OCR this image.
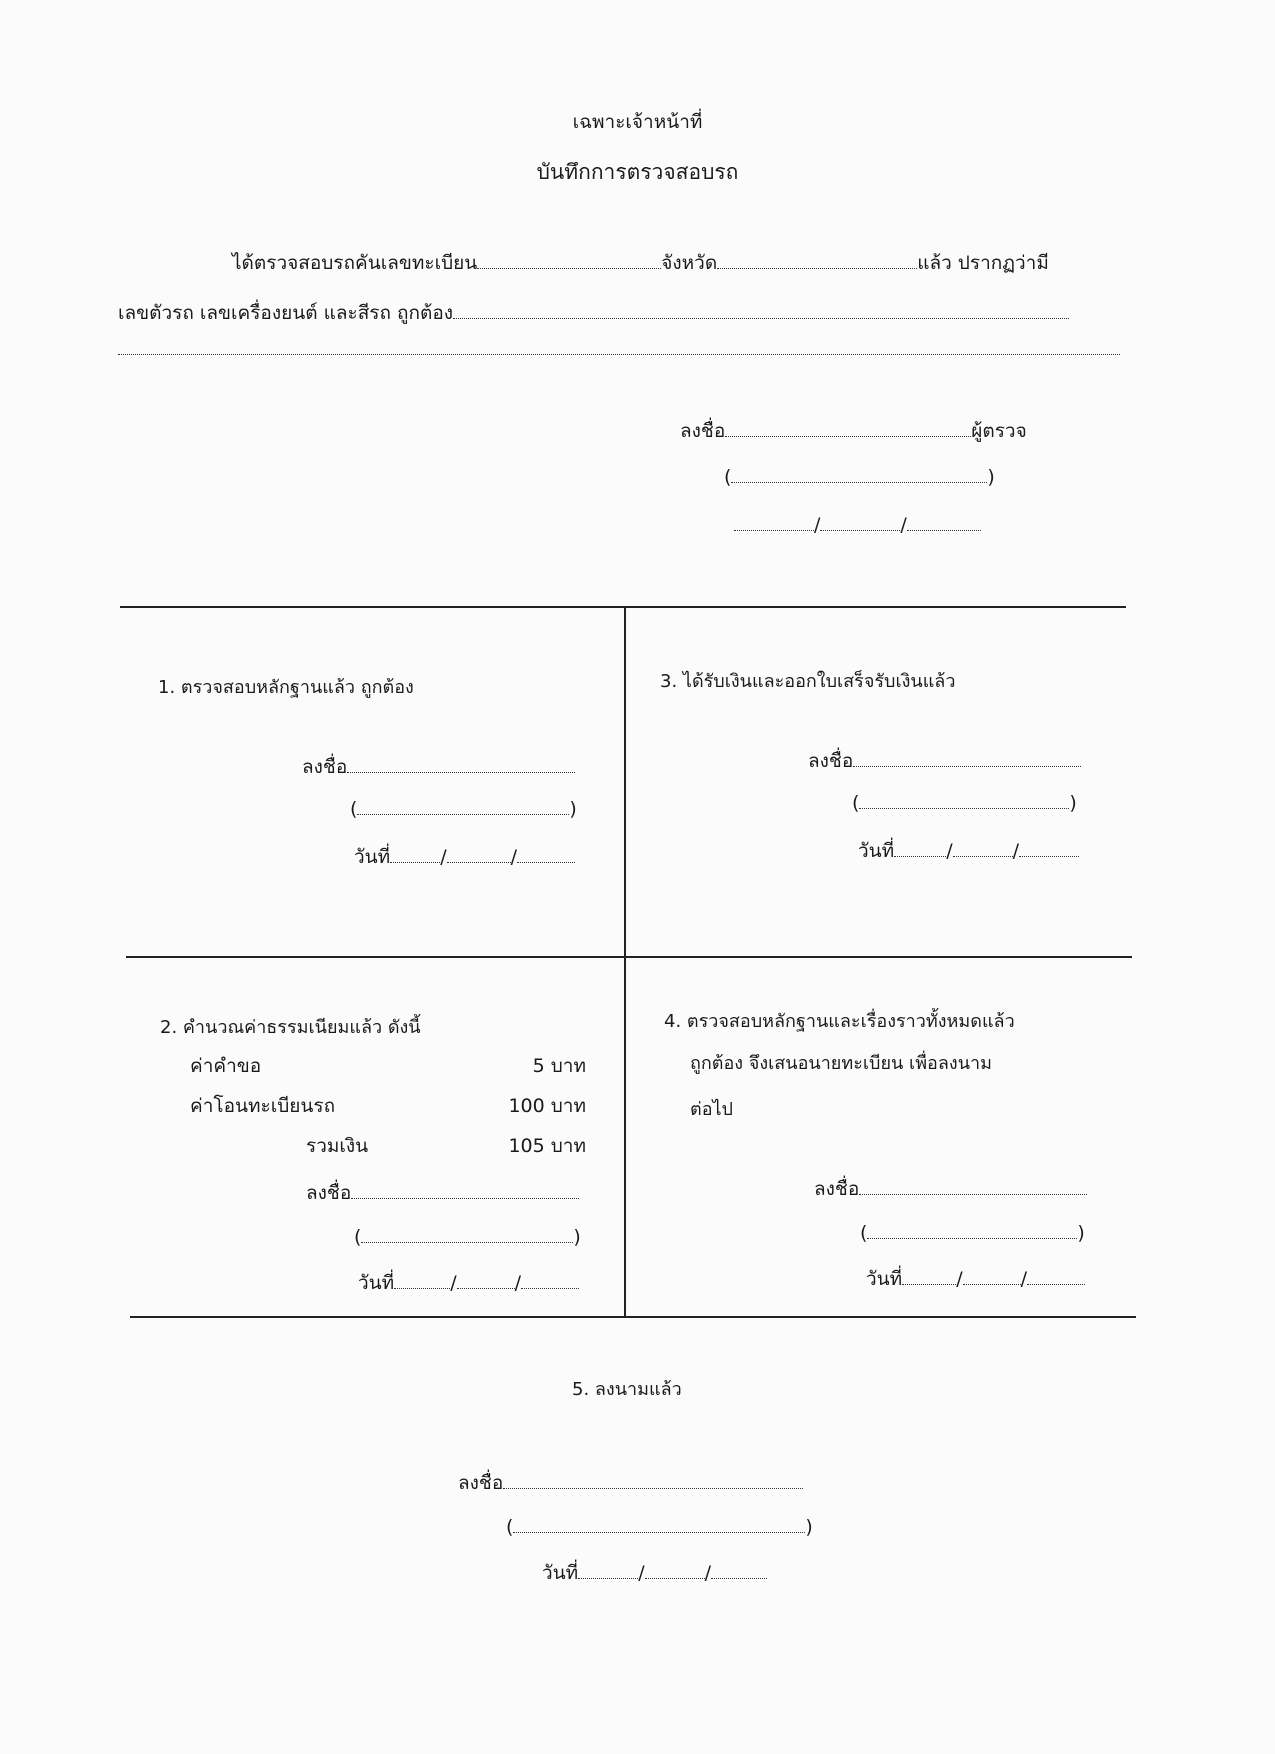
เฉพาะเจ้าหน้าที่
บันทึกการตรวจสอบรถ
ได้ตรวจสอบรถคันเลขทะเบียน	จังหวัด	แล้ว ปรากฏว่ามี
เลขตัวรถ เลขเครื่องยนต์ และสีรถ ถูกต้อง
ลงชื่อ	ผู้ตรวจ
(	)
/	/
1. ตรวจสอบหลักฐานแล้ว ถูกต้อง
ลงชื่อ
(	)
วันที่	/	/
3. ได้รับเงินและออกใบเสร็จรับเงินแล้ว
ลงชื่อ
(	)
วันที่	/	/
2. คำนวณค่าธรรมเนียมแล้ว ดังนี้
ค่าคำขอ	5 บาท
ค่าโอนทะเบียนรถ	100 บาท
รวมเงิน	105 บาท
ลงชื่อ
(	)
วันที่	/	/
4. ตรวจสอบหลักฐานและเรื่องราวทั้งหมดแล้ว
ถูกต้อง จึงเสนอนายทะเบียน เพื่อลงนาม
ต่อไป
ลงชื่อ
(	)
วันที่	/	/
5. ลงนามแล้ว
ลงชื่อ
(	)
วันที่	/	/
